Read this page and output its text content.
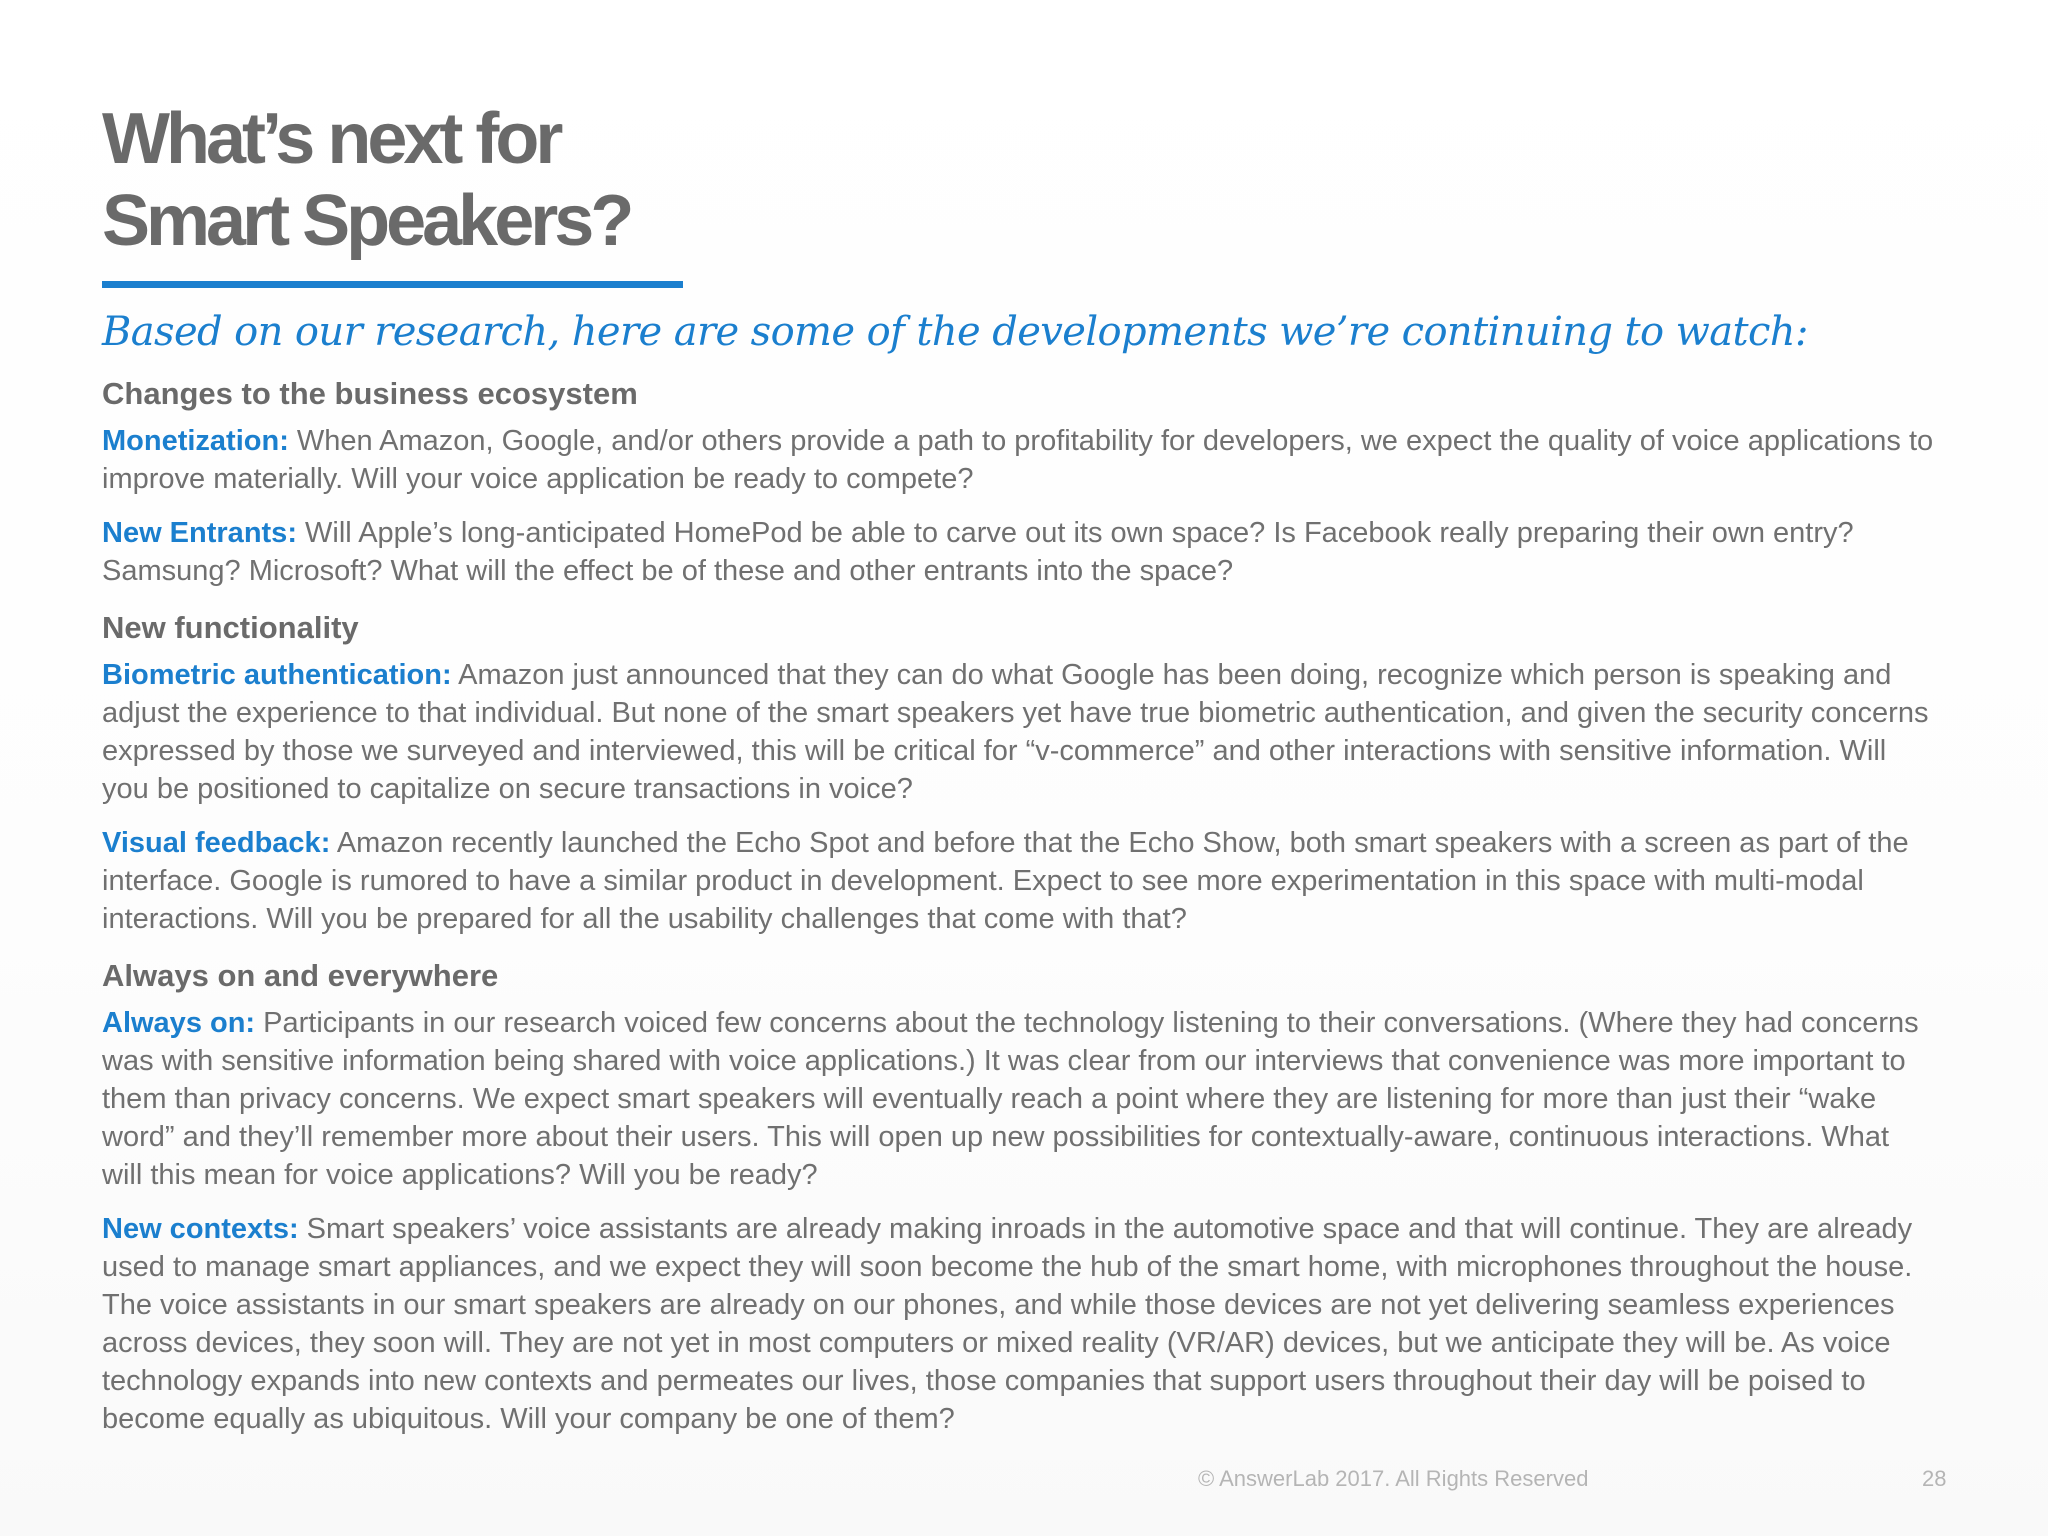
What’s next for
Smart Speakers?
Based on our research, here are some of the developments we’re continuing to watch:
Changes to the business ecosystem

Monetization: When Amazon, Google, and/or others provide a path to profitability for developers, we expect the quality of voice applications to improve materially. Will your voice application be ready to compete?

New Entrants: Will Apple’s long-anticipated HomePod be able to carve out its own space? Is Facebook really preparing their own entry? Samsung? Microsoft? What will the effect be of these and other entrants into the space?

New functionality

Biometric authentication: Amazon just announced that they can do what Google has been doing, recognize which person is speaking and adjust the experience to that individual. But none of the smart speakers yet have true biometric authentication, and given the security concerns expressed by those we surveyed and interviewed, this will be critical for “v-commerce” and other interactions with sensitive information. Will you be positioned to capitalize on secure transactions in voice?

Visual feedback: Amazon recently launched the Echo Spot and before that the Echo Show, both smart speakers with a screen as part of the interface. Google is rumored to have a similar product in development. Expect to see more experimentation in this space with multi-modal interactions. Will you be prepared for all the usability challenges that come with that?

Always on and everywhere

Always on: Participants in our research voiced few concerns about the technology listening to their conversations. (Where they had concerns was with sensitive information being shared with voice applications.) It was clear from our interviews that convenience was more important to them than privacy concerns. We expect smart speakers will eventually reach a point where they are listening for more than just their “wake word” and they’ll remember more about their users. This will open up new possibilities for contextually-aware, continuous interactions. What will this mean for voice applications? Will you be ready?

New contexts: Smart speakers’ voice assistants are already making inroads in the automotive space and that will continue. They are already used to manage smart appliances, and we expect they will soon become the hub of the smart home, with microphones throughout the house. The voice assistants in our smart speakers are already on our phones, and while those devices are not yet delivering seamless experiences across devices, they soon will. They are not yet in most computers or mixed reality (VR/AR) devices, but we anticipate they will be. As voice technology expands into new contexts and permeates our lives, those companies that support users throughout their day will be poised to become equally as ubiquitous. Will your company be one of them?

© AnswerLab 2017. All Rights Reserved	28
